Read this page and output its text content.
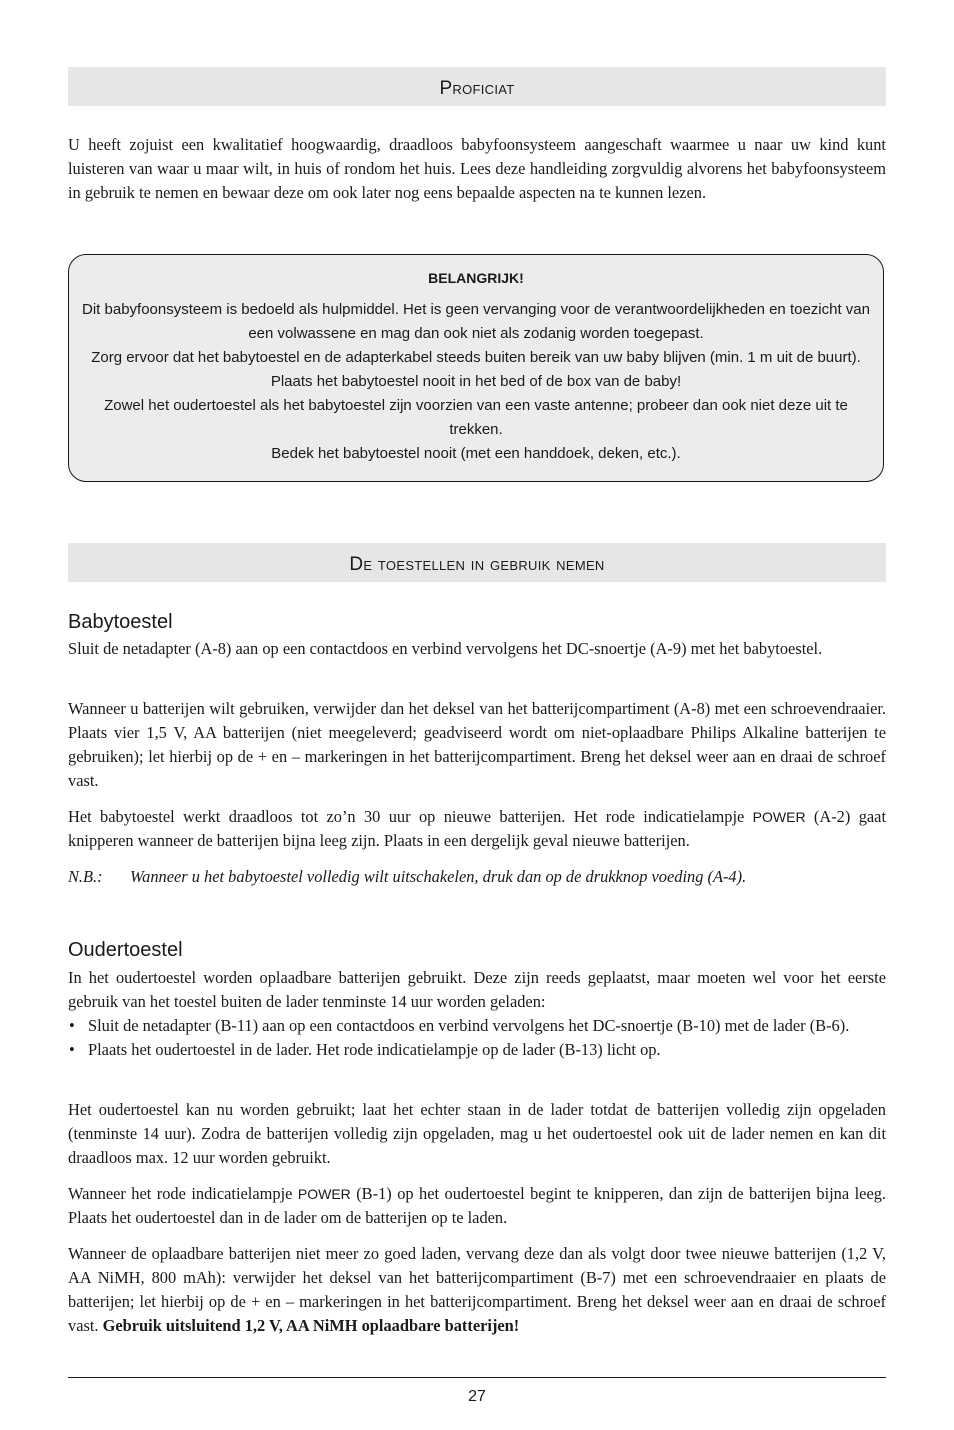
Proficiat

U heeft zojuist een kwalitatief hoogwaardig, draadloos babyfoonsysteem aangeschaft waarmee u naar uw kind kunt luisteren van waar u maar wilt, in huis of rondom het huis. Lees deze handleiding zorgvuldig alvorens het babyfoonsysteem in gebruik te nemen en bewaar deze om ook later nog eens bepaalde aspecten na te kunnen lezen.

BELANGRIJK!
Dit babyfoonsysteem is bedoeld als hulpmiddel. Het is geen vervanging voor de verantwoordelijkheden en toezicht van een volwassene en mag dan ook niet als zodanig worden toegepast.
Zorg ervoor dat het babytoestel en de adapterkabel steeds buiten bereik van uw baby blijven (min. 1 m uit de buurt). Plaats het babytoestel nooit in het bed of de box van de baby!
Zowel het oudertoestel als het babytoestel zijn voorzien van een vaste antenne; probeer dan ook niet deze uit te trekken.
Bedek het babytoestel nooit (met een handdoek, deken, etc.).
De toestellen in gebruik nemen
Babytoestel

Sluit de netadapter (A-8) aan op een contactdoos en verbind vervolgens het DC-snoertje (A-9) met het babytoestel.

Wanneer u batterijen wilt gebruiken, verwijder dan het deksel van het batterijcompartiment (A-8) met een schroevendraaier. Plaats vier 1,5 V, AA batterijen (niet meegeleverd; geadviseerd wordt om niet-oplaadbare Philips Alkaline batterijen te gebruiken); let hierbij op de + en – markeringen in het batterijcompartiment. Breng het deksel weer aan en draai de schroef vast.

Het babytoestel werkt draadloos tot zo’n 30 uur op nieuwe batterijen. Het rode indicatielampje POWER (A-2) gaat knipperen wanneer de batterijen bijna leeg zijn. Plaats in een dergelijk geval nieuwe batterijen.

N.B.: Wanneer u het babytoestel volledig wilt uitschakelen, druk dan op de drukknop voeding (A-4).
Oudertoestel

In het oudertoestel worden oplaadbare batterijen gebruikt. Deze zijn reeds geplaatst, maar moeten wel voor het eerste gebruik van het toestel buiten de lader tenminste 14 uur worden geladen:

• Sluit de netadapter (B-11) aan op een contactdoos en verbind vervolgens het DC-snoertje (B-10) met de lader (B-6).
• Plaats het oudertoestel in de lader. Het rode indicatielampje op de lader (B-13) licht op.

Het oudertoestel kan nu worden gebruikt; laat het echter staan in de lader totdat de batterijen volledig zijn opgeladen (tenminste 14 uur). Zodra de batterijen volledig zijn opgeladen, mag u het oudertoestel ook uit de lader nemen en kan dit draadloos max. 12 uur worden gebruikt.

Wanneer het rode indicatielampje POWER (B-1) op het oudertoestel begint te knipperen, dan zijn de batterijen bijna leeg. Plaats het oudertoestel dan in de lader om de batterijen op te laden.

Wanneer de oplaadbare batterijen niet meer zo goed laden, vervang deze dan als volgt door twee nieuwe batterijen (1,2 V, AA NiMH, 800 mAh): verwijder het deksel van het batterijcompartiment (B-7) met een schroevendraaier en plaats de batterijen; let hierbij op de + en – markeringen in het batterijcompartiment. Breng het deksel weer aan en draai de schroef vast. Gebruik uitsluitend 1,2 V, AA NiMH oplaadbare batterijen!

27
